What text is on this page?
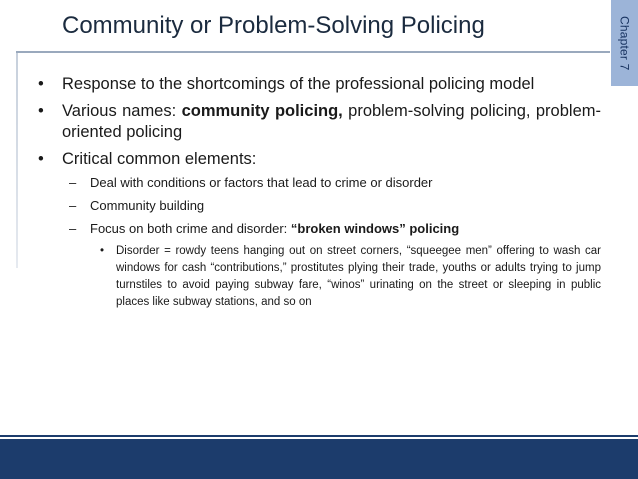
Chapter 7
Community or Problem-Solving Policing
• Response to the shortcomings of the professional policing model
• Various names: community policing, problem-solving policing, problem-oriented policing
• Critical common elements:
– Deal with conditions or factors that lead to crime or disorder
– Community building
– Focus on both crime and disorder: “broken windows” policing
• Disorder = rowdy teens hanging out on street corners, “squeegee men” offering to wash car windows for cash “contributions,” prostitutes plying their trade, youths or adults trying to jump turnstiles to avoid paying subway fare, “winos” urinating on the street or sleeping in public places like subway stations, and so on
